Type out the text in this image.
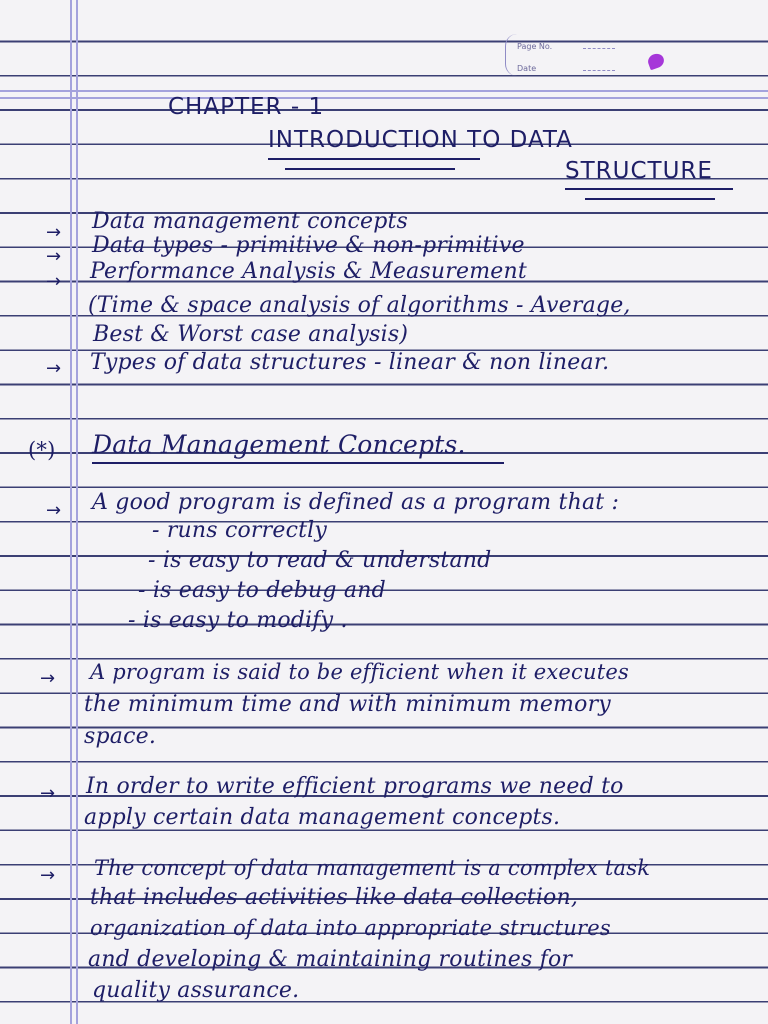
Page No.
Date
CHAPTER - 1
INTRODUCTION TO DATA
STRUCTURE
→ Data management concepts
→ Data types - primitive & non-primitive
→ Performance Analysis & Measurement
(Time & space analysis of algorithms - Average,
Best & Worst case analysis)
→ Types of data structures - linear & non linear.
(*) Data Management Concepts.
→ A good program is defined as a program that :
- runs correctly
- is easy to read & understand
- is easy to debug and
- is easy to modify .
→ A program is said to be efficient when it executes
the minimum time and with minimum memory
space.
→ In order to write efficient programs we need to
apply certain data management concepts.
→ The concept of data management is a complex task
that includes activities like data collection,
organization of data into appropriate structures
and developing & maintaining routines for
quality assurance.
